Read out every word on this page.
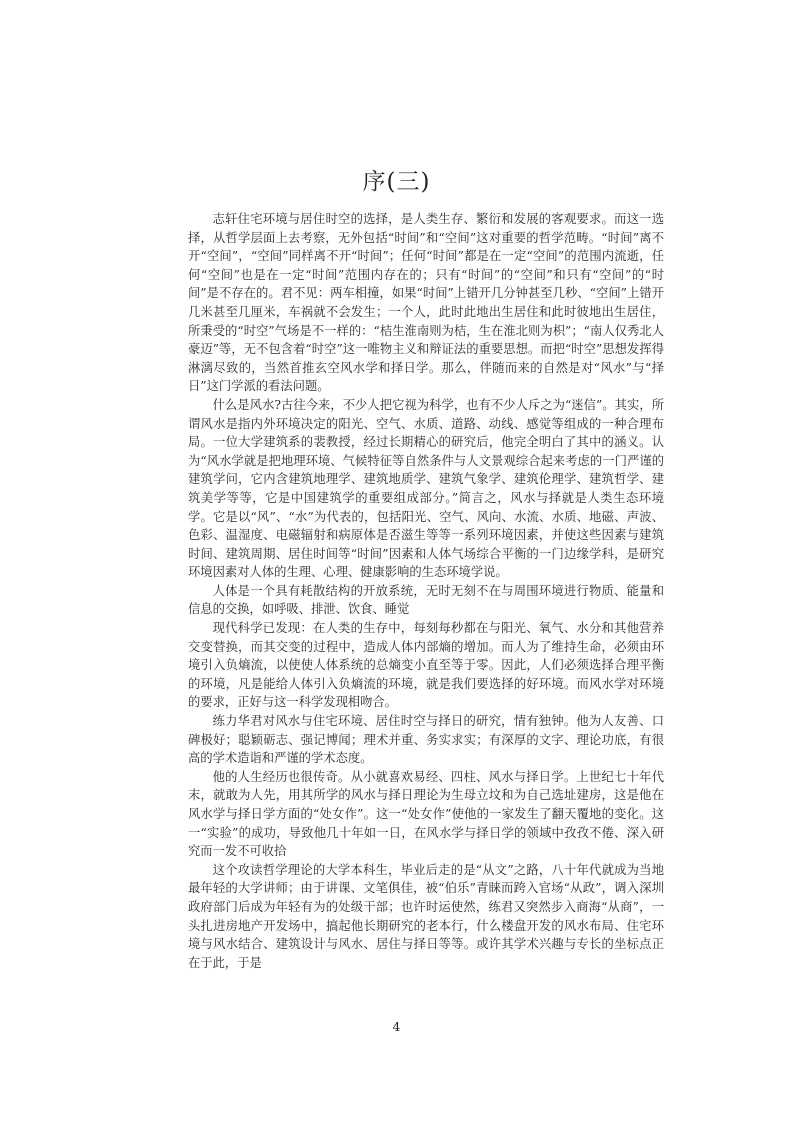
序(三)

志轩住宅环境与居住时空的选择，是人类生存、繁衍和发展的客观要求。而这一选择，从哲学层面上去考察，无外包括“时间”和“空间”这对重要的哲学范畴。“时间”离不开“空间”，“空间”同样离不开“时间”；任何“时间”都是在一定“空间”的范围内流逝，任何“空间”也是在一定“时间”范围内存在的；只有“时间”的“空间”和只有“空间”的“时间”是不存在的。君不见：两车相撞，如果“时间”上错开几分钟甚至几秒、“空间”上错开几米甚至几厘米，车祸就不会发生；一个人，此时此地出生居住和此时彼地出生居住，所秉受的“时空”气场是不一样的：“桔生淮南则为桔，生在淮北则为枳”；“南人仅秀北人豪迈”等，无不包含着“时空”这一唯物主义和辩证法的重要思想。而把“时空”思想发挥得淋漓尽致的，当然首推玄空风水学和择日学。那么，伴随而来的自然是对“风水”与“择日”这门学派的看法问题。

什么是风水?古往今来，不少人把它视为科学，也有不少人斥之为“迷信”。其实，所谓风水是指内外环境决定的阳光、空气、水质、道路、动线、感觉等组成的一种合理布局。一位大学建筑系的裴教授，经过长期精心的研究后，他完全明白了其中的涵义。认为“风水学就是把地理环境、气候特征等自然条件与人文景观综合起来考虑的一门严谨的建筑学问，它内含建筑地理学、建筑地质学、建筑气象学、建筑伦理学、建筑哲学、建筑美学等等，它是中国建筑学的重要组成部分。”简言之，风水与择就是人类生态环境学。它是以“风”、“水”为代表的，包括阳光、空气、风向、水流、水质、地磁、声波、色彩、温湿度、电磁辐射和病原体是否滋生等等一系列环境因素，并使这些因素与建筑时间、建筑周期、居住时间等“时间”因素和人体气场综合平衡的一门边缘学科，是研究环境因素对人体的生理、心理、健康影响的生态环境学说。

人体是一个具有耗散结构的开放系统，无时无刻不在与周围环境进行物质、能量和信息的交换，如呼吸、排泄、饮食、睡觉

现代科学已发现：在人类的生存中，每刻每秒都在与阳光、氧气、水分和其他营养交变替换，而其交变的过程中，造成人体内部熵的增加。而人为了维持生命，必须由环境引入负熵流，以使使人体系统的总熵变小直至等于零。因此，人们必须选择合理平衡的环境，凡是能给人体引入负熵流的环境，就是我们要选择的好环境。而风水学对环境的要求，正好与这一科学发现相吻合。

练力华君对风水与住宅环境、居住时空与择日的研究，情有独钟。他为人友善、口碑极好；聪颖砺志、强记博闻；理术并重、务实求实；有深厚的文字、理论功底，有很高的学术造诣和严谨的学术态度。

他的人生经历也很传奇。从小就喜欢易经、四柱、风水与择日学。上世纪七十年代末，就敢为人先，用其所学的风水与择日理论为生母立坟和为自己选址建房，这是他在风水学与择日学方面的“处女作”。这一“处女作”使他的一家发生了翻天覆地的变化。这一“实验”的成功，导致他几十年如一日，在风水学与择日学的领域中孜孜不倦、深入研究而一发不可收拾

这个攻读哲学理论的大学本科生，毕业后走的是“从文”之路，八十年代就成为当地最年轻的大学讲师；由于讲课、文笔俱佳，被“伯乐”青睐而跨入官场“从政”，调入深圳政府部门后成为年轻有为的处级干部；也许时运使然，练君又突然步入商海“从商”，一头扎进房地产开发场中，搞起他长期研究的老本行，什么楼盘开发的风水布局、住宅环境与风水结合、建筑设计与风水、居住与择日等等。或许其学术兴趣与专长的坐标点正在于此，于是

4
